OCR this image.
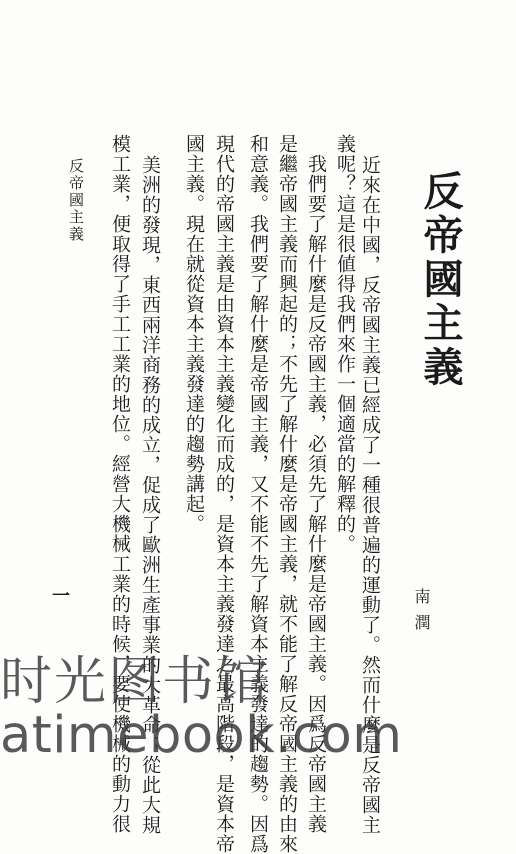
反帝國主義
南潤
近來在中國，反帝國主義已經成了一種很普遍的運動了。然而什麼是反帝國主
義呢？這是很値得我們來作一個適當的解釋的。
我們要了解什麼是反帝國主義，必須先了解什麼是帝國主義。因爲反帝國主義
是繼帝國主義而興起的；不先了解什麼是帝國主義，就不能了解反帝國主義的由來
和意義。我們要了解什麼是帝國主義，又不能不先了解資本主義發達的趨勢。因爲
現代的帝國主義是由資本主義變化而成的，是資本主義發達之最高階段，是資本帝
國主義。現在就從資本主義發達的趨勢講起。
美洲的發現，東西兩洋商務的成立，促成了歐洲生產事業的大革命；從此大規
模工業，便取得了手工工業的地位。經營大機械工業的時候，要使機械的動力很
反帝國主義
一
时光图书馆
atimebook.com
